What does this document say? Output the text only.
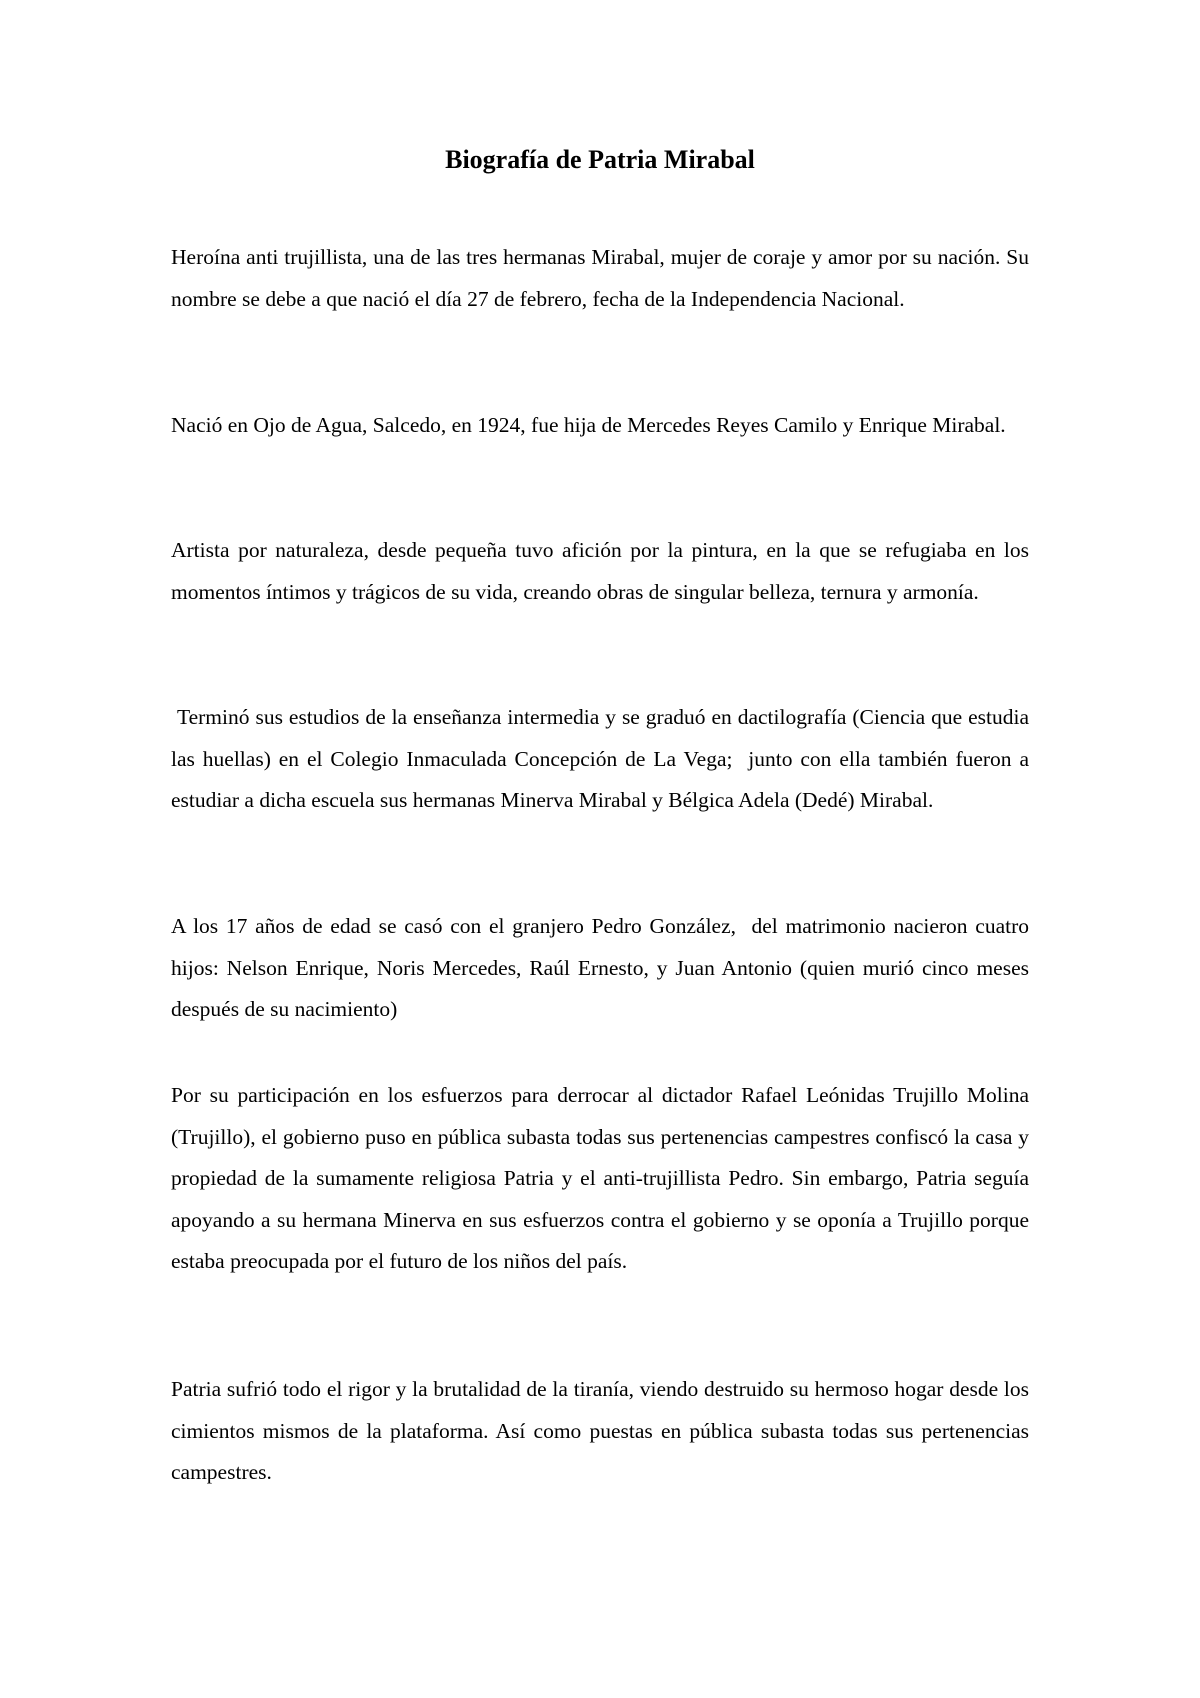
Biografía de Patria Mirabal

Heroína anti trujillista, una de las tres hermanas Mirabal, mujer de coraje y amor por su nación. Su nombre se debe a que nació el día 27 de febrero, fecha de la Independencia Nacional.

Nació en Ojo de Agua, Salcedo, en 1924, fue hija de Mercedes Reyes Camilo y Enrique Mirabal.

Artista por naturaleza, desde pequeña tuvo afición por la pintura, en la que se refugiaba en los momentos íntimos y trágicos de su vida, creando obras de singular belleza, ternura y armonía.

Terminó sus estudios de la enseñanza intermedia y se graduó en dactilografía (Ciencia que estudia las huellas) en el Colegio Inmaculada Concepción de La Vega;  junto con ella también fueron a estudiar a dicha escuela sus hermanas Minerva Mirabal y Bélgica Adela (Dedé) Mirabal.

A los 17 años de edad se casó con el granjero Pedro González,  del matrimonio nacieron cuatro hijos: Nelson Enrique, Noris Mercedes, Raúl Ernesto, y Juan Antonio (quien murió cinco meses después de su nacimiento)

Por su participación en los esfuerzos para derrocar al dictador Rafael Leónidas Trujillo Molina (Trujillo), el gobierno puso en pública subasta todas sus pertenencias campestres confiscó la casa y propiedad de la sumamente religiosa Patria y el anti-trujillista Pedro. Sin embargo, Patria seguía apoyando a su hermana Minerva en sus esfuerzos contra el gobierno y se oponía a Trujillo porque estaba preocupada por el futuro de los niños del país.

Patria sufrió todo el rigor y la brutalidad de la tiranía, viendo destruido su hermoso hogar desde los cimientos mismos de la plataforma. Así como puestas en pública subasta todas sus pertenencias campestres.
